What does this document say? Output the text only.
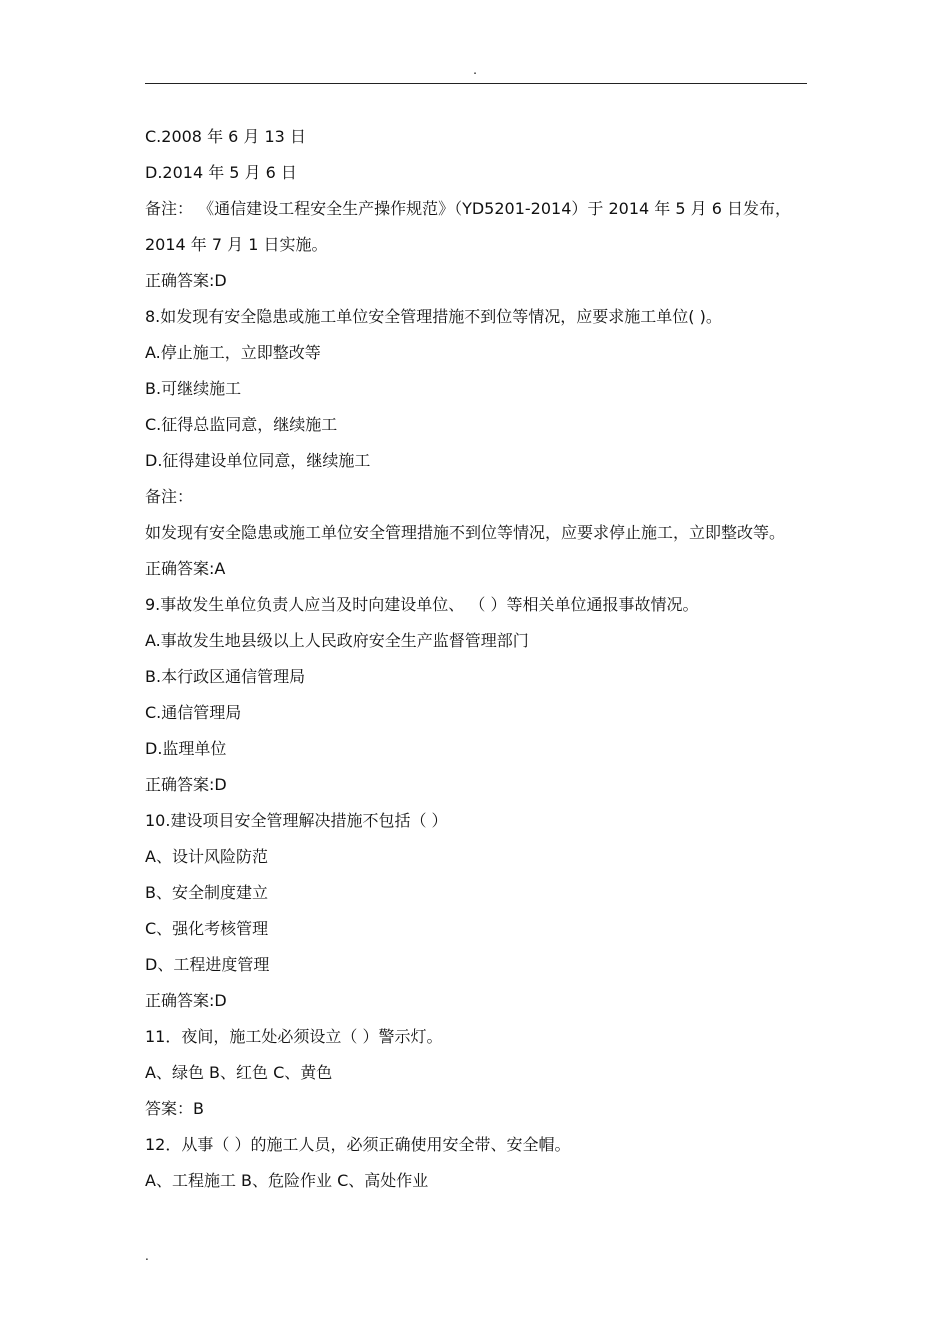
.
C.2008 年 6 月 13 日
D.2014 年 5 月 6 日
备注： 《通信建设工程安全生产操作规范》（YD5201-2014）于 2014 年 5 月 6 日发布，
2014 年 7 月 1 日实施。
正确答案:D
8.如发现有安全隐患或施工单位安全管理措施不到位等情况，应要求施工单位( )。
A.停止施工，立即整改等
B.可继续施工
C.征得总监同意，继续施工
D.征得建设单位同意，继续施工
备注：
如发现有安全隐患或施工单位安全管理措施不到位等情况，应要求停止施工，立即整改等。
正确答案:A
9.事故发生单位负责人应当及时向建设单位、 （ ）等相关单位通报事故情况。
A.事故发生地县级以上人民政府安全生产监督管理部门
B.本行政区通信管理局
C.通信管理局
D.监理单位
正确答案:D
10.建设项目安全管理解决措施不包括（ ）
A、设计风险防范
B、安全制度建立
C、强化考核管理
D、工程进度管理
正确答案:D
11．夜间，施工处必须设立（ ）警示灯。
A、绿色 B、红色 C、黄色
答案：B
12．从事（ ）的施工人员，必须正确使用安全带、安全帽。
A、工程施工 B、危险作业 C、高处作业
.
